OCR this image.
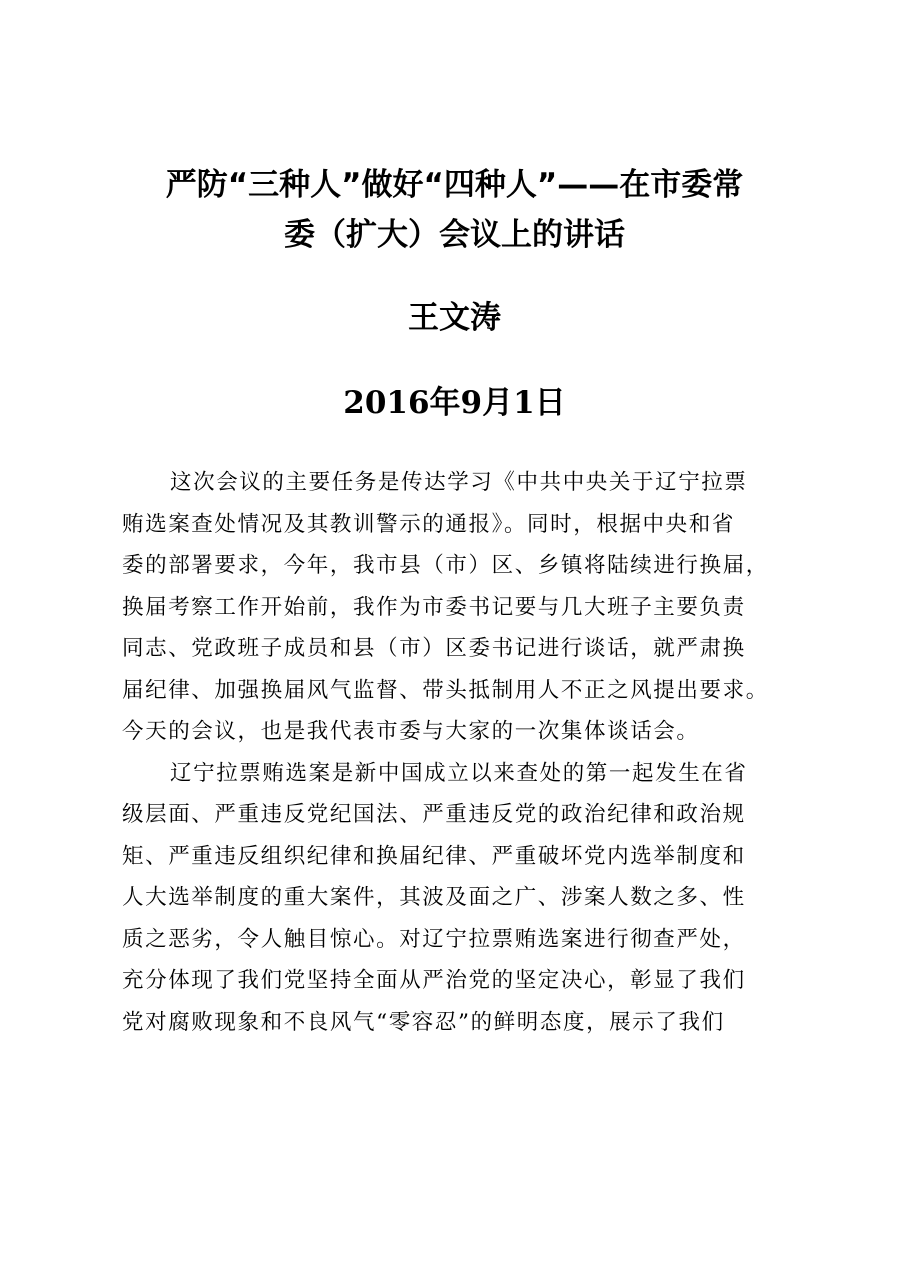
严防“三种人”做好“四种人”——在市委常
委（扩大）会议上的讲话

王文涛

2016年9月1日

这次会议的主要任务是传达学习《中共中央关于辽宁拉票
贿选案查处情况及其教训警示的通报》。同时，根据中央和省
委的部署要求，今年，我市县（市）区、乡镇将陆续进行换届，
换届考察工作开始前，我作为市委书记要与几大班子主要负责
同志、党政班子成员和县（市）区委书记进行谈话，就严肃换
届纪律、加强换届风气监督、带头抵制用人不正之风提出要求。
今天的会议，也是我代表市委与大家的一次集体谈话会。
辽宁拉票贿选案是新中国成立以来查处的第一起发生在省
级层面、严重违反党纪国法、严重违反党的政治纪律和政治规
矩、严重违反组织纪律和换届纪律、严重破坏党内选举制度和
人大选举制度的重大案件，其波及面之广、涉案人数之多、性
质之恶劣，令人触目惊心。对辽宁拉票贿选案进行彻查严处，
充分体现了我们党坚持全面从严治党的坚定决心，彰显了我们
党对腐败现象和不良风气“零容忍”的鲜明态度，展示了我们
